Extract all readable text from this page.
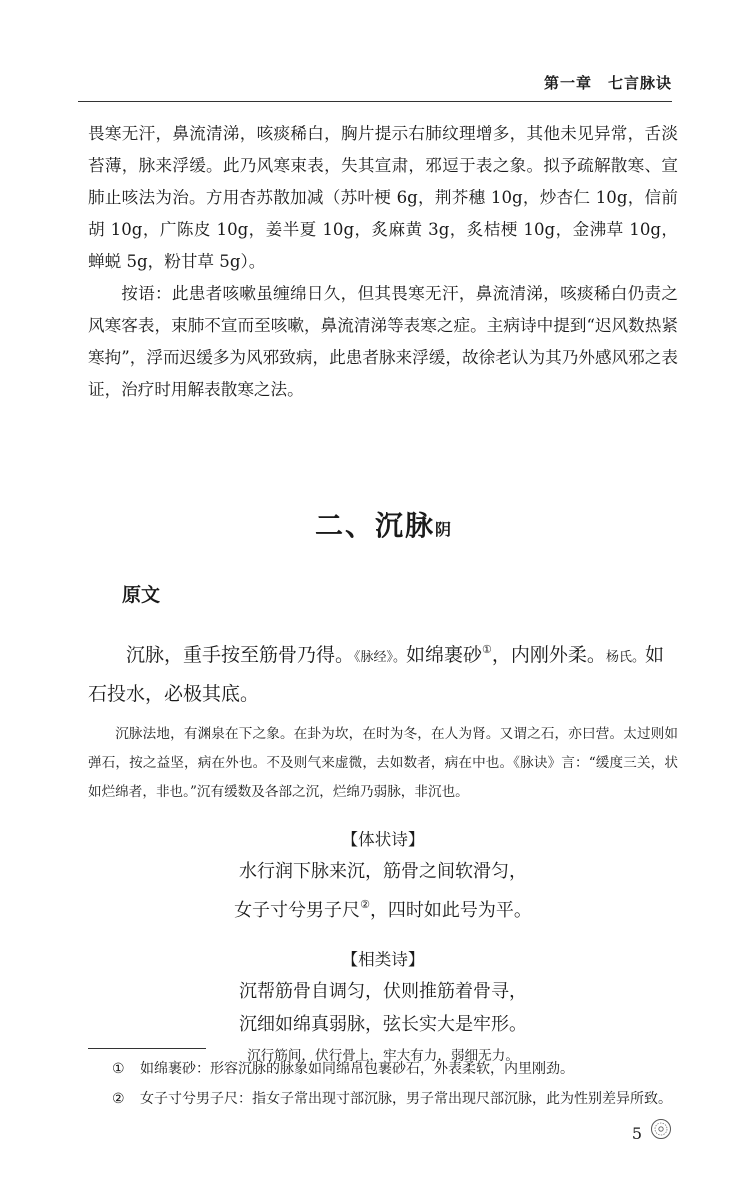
第一章　七言脉诀

畏寒无汗，鼻流清涕，咳痰稀白，胸片提示右肺纹理增多，其他未见异常，舌淡苔薄，脉来浮缓。此乃风寒束表，失其宣肃，邪逗于表之象。拟予疏解散寒、宣肺止咳法为治。方用杏苏散加减（苏叶梗 6g，荆芥穗 10g，炒杏仁 10g，信前胡 10g，广陈皮 10g，姜半夏 10g，炙麻黄 3g，炙桔梗 10g，金沸草 10g，蝉蜕 5g，粉甘草 5g）。

按语：此患者咳嗽虽缠绵日久，但其畏寒无汗，鼻流清涕，咳痰稀白仍责之风寒客表，束肺不宣而至咳嗽，鼻流清涕等表寒之症。主病诗中提到“迟风数热紧寒拘”，浮而迟缓多为风邪致病，此患者脉来浮缓，故徐老认为其乃外感风邪之表证，治疗时用解表散寒之法。

二、沉脉阴
原文

沉脉，重手按至筋骨乃得。《脉经》。如绵裹砂①，内刚外柔。杨氏。如石投水，必极其底。

沉脉法地，有渊泉在下之象。在卦为坎，在时为冬，在人为肾。又谓之石，亦曰营。太过则如弹石，按之益坚，病在外也。不及则气来虚微，去如数者，病在中也。《脉诀》言：“缓度三关，状如烂绵者，非也。”沉有缓数及各部之沉，烂绵乃弱脉，非沉也。

【体状诗】
水行润下脉来沉，筋骨之间软滑匀，
女子寸兮男子尺②，四时如此号为平。
【相类诗】
沉帮筋骨自调匀，伏则推筋着骨寻，
沉细如绵真弱脉，弦长实大是牢形。
沉行筋间，伏行骨上，牢大有力，弱细无力。
① 如绵裹砂：形容沉脉的脉象如同绵帛包裹砂石，外表柔软，内里刚劲。
② 女子寸兮男子尺：指女子常出现寸部沉脉，男子常出现尺部沉脉，此为性别差异所致。
5
